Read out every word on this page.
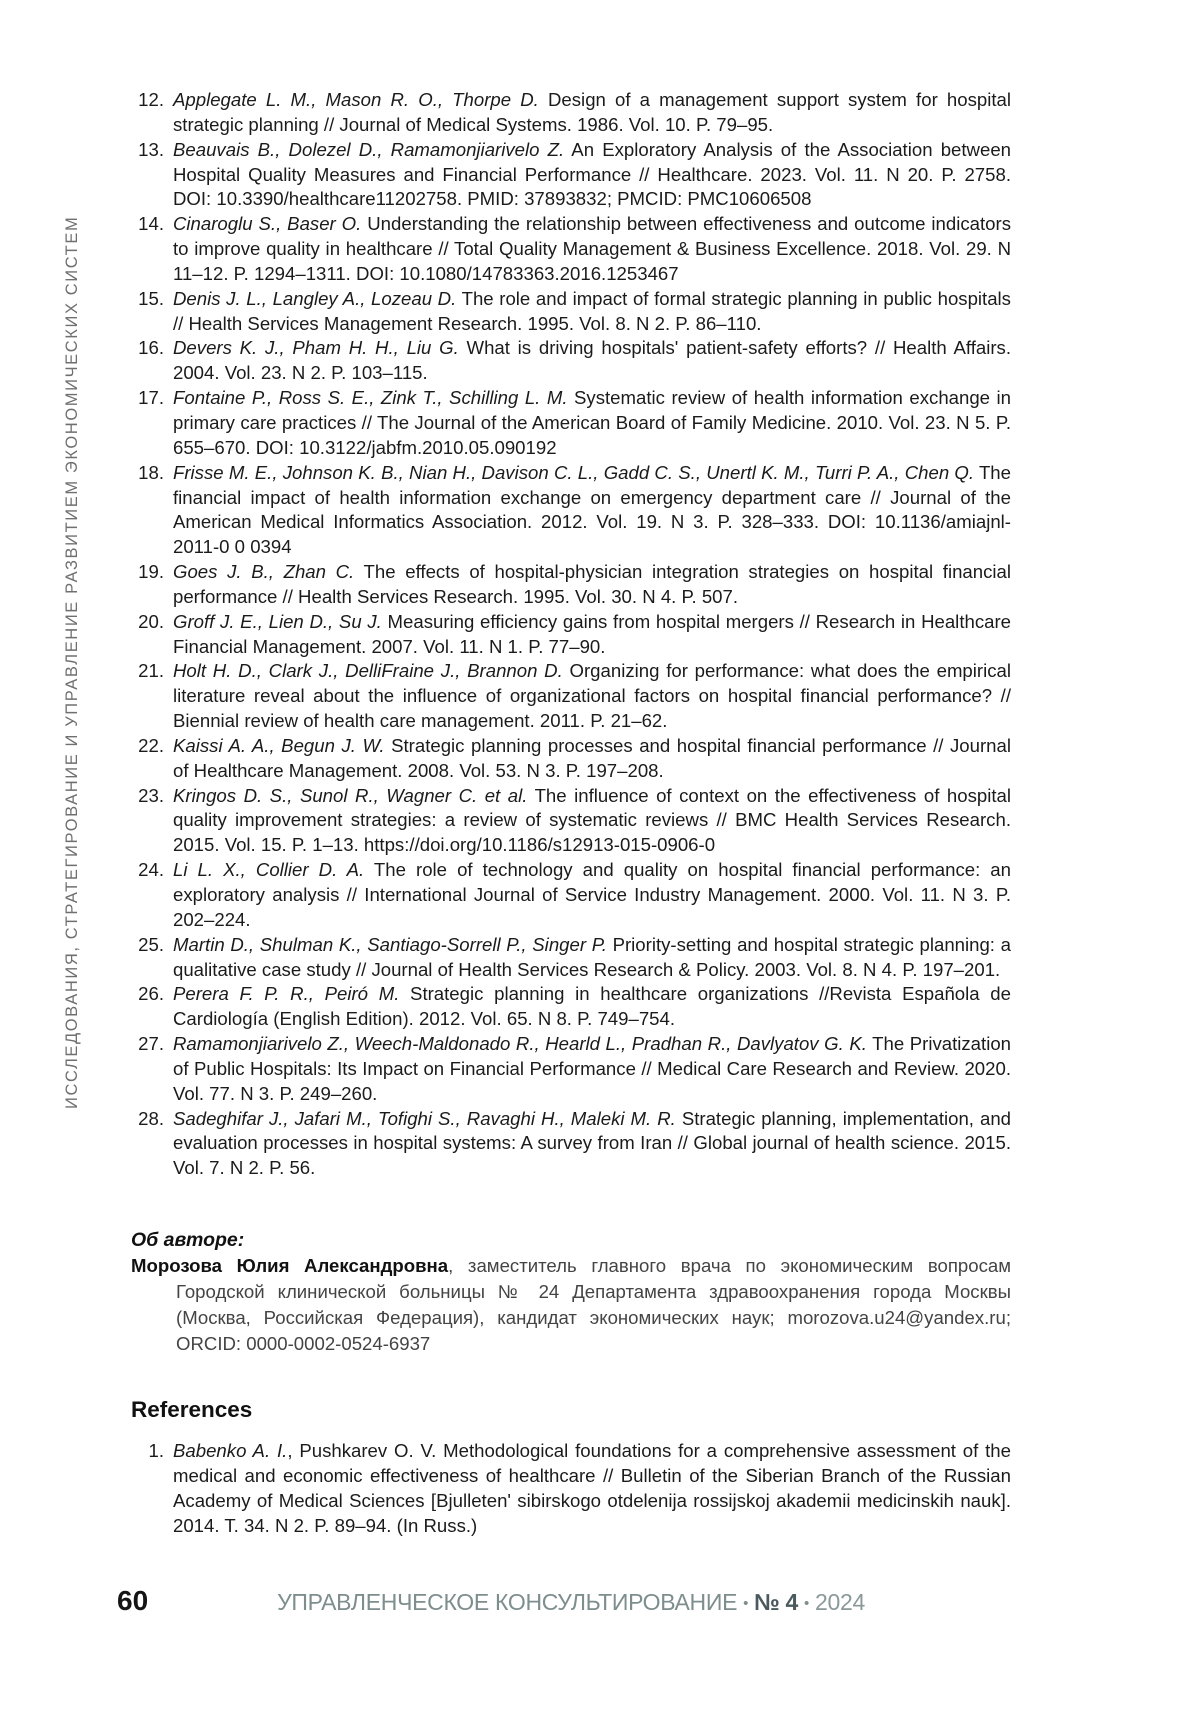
ИССЛЕДОВАНИЯ, СТРАТЕГИРОВАНИЕ И УПРАВЛЕНИЕ РАЗВИТИЕМ ЭКОНОМИЧЕСКИХ СИСТЕМ
12. Applegate L. M., Mason R. O., Thorpe D. Design of a management support system for hospital strategic planning // Journal of Medical Systems. 1986. Vol. 10. P. 79–95.
13. Beauvais B., Dolezel D., Ramamonjiarivelo Z. An Exploratory Analysis of the Association between Hospital Quality Measures and Financial Performance // Healthcare. 2023. Vol. 11. N 20. P. 2758. DOI: 10.3390/healthcare11202758. PMID: 37893832; PMCID: PMC10606508
14. Cinaroglu S., Baser O. Understanding the relationship between effectiveness and outcome indicators to improve quality in healthcare // Total Quality Management & Business Excellence. 2018. Vol. 29. N 11–12. P. 1294–1311. DOI: 10.1080/14783363.2016.1253467
15. Denis J. L., Langley A., Lozeau D. The role and impact of formal strategic planning in public hospitals // Health Services Management Research. 1995. Vol. 8. N 2. P. 86–110.
16. Devers K. J., Pham H. H., Liu G. What is driving hospitals' patient-safety efforts? // Health Affairs. 2004. Vol. 23. N 2. P. 103–115.
17. Fontaine P., Ross S. E., Zink T., Schilling L. M. Systematic review of health information exchange in primary care practices // The Journal of the American Board of Family Medicine. 2010. Vol. 23. N 5. P. 655–670. DOI: 10.3122/jabfm.2010.05.090192
18. Frisse M. E., Johnson K. B., Nian H., Davison C. L., Gadd C. S., Unertl K. M., Turri P. A., Chen Q. The financial impact of health information exchange on emergency department care // Journal of the American Medical Informatics Association. 2012. Vol. 19. N 3. P. 328–333. DOI: 10.1136/amiajnl-2011-0 0 0394
19. Goes J. B., Zhan C. The effects of hospital-physician integration strategies on hospital financial performance // Health Services Research. 1995. Vol. 30. N 4. P. 507.
20. Groff J. E., Lien D., Su J. Measuring efficiency gains from hospital mergers // Research in Healthcare Financial Management. 2007. Vol. 11. N 1. P. 77–90.
21. Holt H. D., Clark J., DelliFraine J., Brannon D. Organizing for performance: what does the empirical literature reveal about the influence of organizational factors on hospital financial performance? // Biennial review of health care management. 2011. P. 21–62.
22. Kaissi A. A., Begun J. W. Strategic planning processes and hospital financial performance // Journal of Healthcare Management. 2008. Vol. 53. N 3. P. 197–208.
23. Kringos D. S., Sunol R., Wagner C. et al. The influence of context on the effectiveness of hospital quality improvement strategies: a review of systematic reviews // BMC Health Services Research. 2015. Vol. 15. P. 1–13. https://doi.org/10.1186/s12913-015-0906-0
24. Li L. X., Collier D. A. The role of technology and quality on hospital financial performance: an exploratory analysis // International Journal of Service Industry Management. 2000. Vol. 11. N 3. P. 202–224.
25. Martin D., Shulman K., Santiago-Sorrell P., Singer P. Priority-setting and hospital strategic planning: a qualitative case study // Journal of Health Services Research & Policy. 2003. Vol. 8. N 4. P. 197–201.
26. Perera F. P. R., Peiró M. Strategic planning in healthcare organizations //Revista Española de Cardiología (English Edition). 2012. Vol. 65. N 8. P. 749–754.
27. Ramamonjiarivelo Z., Weech-Maldonado R., Hearld L., Pradhan R., Davlyatov G. K. The Privatization of Public Hospitals: Its Impact on Financial Performance // Medical Care Research and Review. 2020. Vol. 77. N 3. P. 249–260.
28. Sadeghifar J., Jafari M., Tofighi S., Ravaghi H., Maleki M. R. Strategic planning, implementation, and evaluation processes in hospital systems: A survey from Iran // Global journal of health science. 2015. Vol. 7. N 2. P. 56.
Об авторе:

Морозова Юлия Александровна, заместитель главного врача по экономическим вопросам Городской клинической больницы № 24 Департамента здравоохранения города Москвы (Москва, Российская Федерация), кандидат экономических наук; morozova.u24@yandex.ru; ORCID: 0000-0002-0524-6937

References
1. Babenko A. I., Pushkarev O. V. Methodological foundations for a comprehensive assessment of the medical and economic effectiveness of healthcare // Bulletin of the Siberian Branch of the Russian Academy of Medical Sciences [Bjulleten' sibirskogo otdelenija rossijskoj akademii medicinskih nauk]. 2014. T. 34. N 2. P. 89–94. (In Russ.)
60	УПРАВЛЕНЧЕСКОЕ КОНСУЛЬТИРОВАНИЕ • № 4 • 2024
